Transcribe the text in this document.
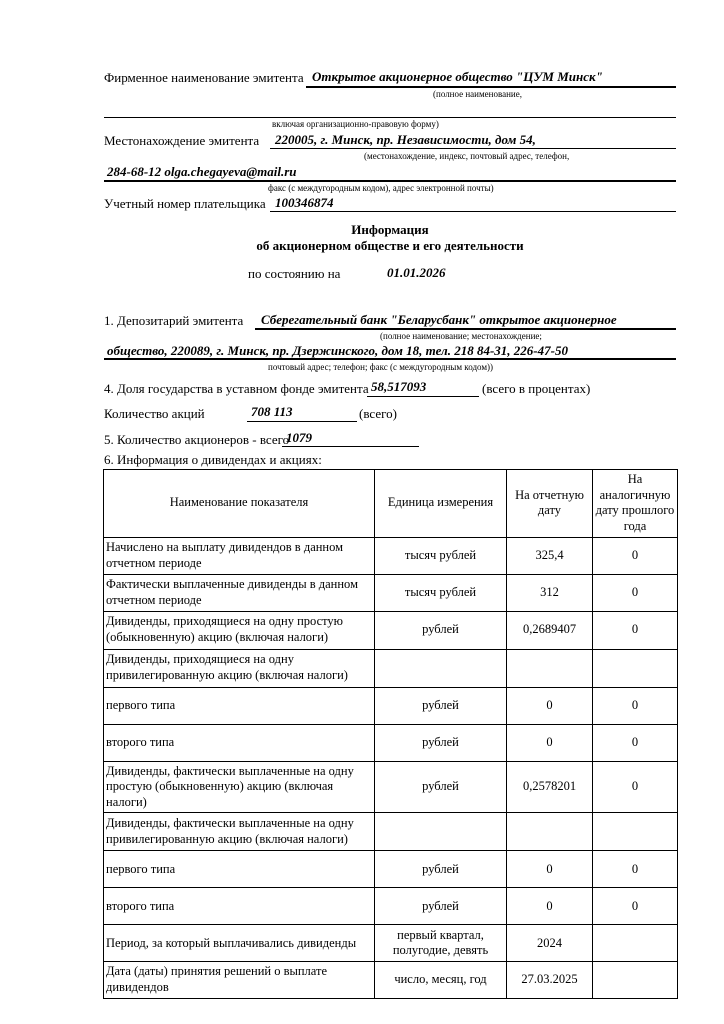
Фирменное наименование эмитента Открытое акционерное общество "ЦУМ Минск"
(полное наименование,
включая организационно-правовую форму)
Местонахождение эмитента 220005, г. Минск, пр. Независимости, дом 54,
(местонахождение, индекс, почтовый адрес, телефон,
284-68-12 olga.chegayeva@mail.ru
факс (с междугородным кодом), адрес электронной почты)
Учетный номер плательщика 100346874
Информация
об акционерном обществе и его деятельности
по состоянию на	01.01.2026
1. Депозитарий эмитента Сберегательный банк "Беларусбанк" открытое акционерное
(полное наименование; местонахождение;
общество, 220089, г. Минск, пр. Дзержинского, дом 18, тел. 218 84-31, 226-47-50
почтовый адрес; телефон; факс (с междугородным кодом))
4. Доля государства в уставном фонде эмитента 58,517093	(всего в процентах)
Количество акций	708 113	(всего)
5. Количество акционеров - всего
1079
6. Информация о дивидендах и акциях:
Наименование показателя	Единица измерения	На отчетную дату	На аналогичную дату прошлого года
Начислено на выплату дивидендов в данном отчетном периоде	тысяч рублей	325,4	0
Фактически выплаченные дивиденды в данном отчетном периоде	тысяч рублей	312	0
Дивиденды, приходящиеся на одну простую (обыкновенную) акцию (включая налоги)	рублей	0,2689407	0
Дивиденды, приходящиеся на одну привилегированную акцию (включая налоги)			
первого типа	рублей	0	0
второго типа	рублей	0	0
Дивиденды, фактически выплаченные на одну простую (обыкновенную) акцию (включая налоги)	рублей	0,2578201	0
Дивиденды, фактически выплаченные на одну привилегированную акцию (включая налоги)			
первого типа	рублей	0	0
второго типа	рублей	0	0
Период, за который выплачивались дивиденды	первый квартал, полугодие, девять	2024	
Дата (даты) принятия решений о выплате дивидендов	число, месяц, год	27.03.2025	
